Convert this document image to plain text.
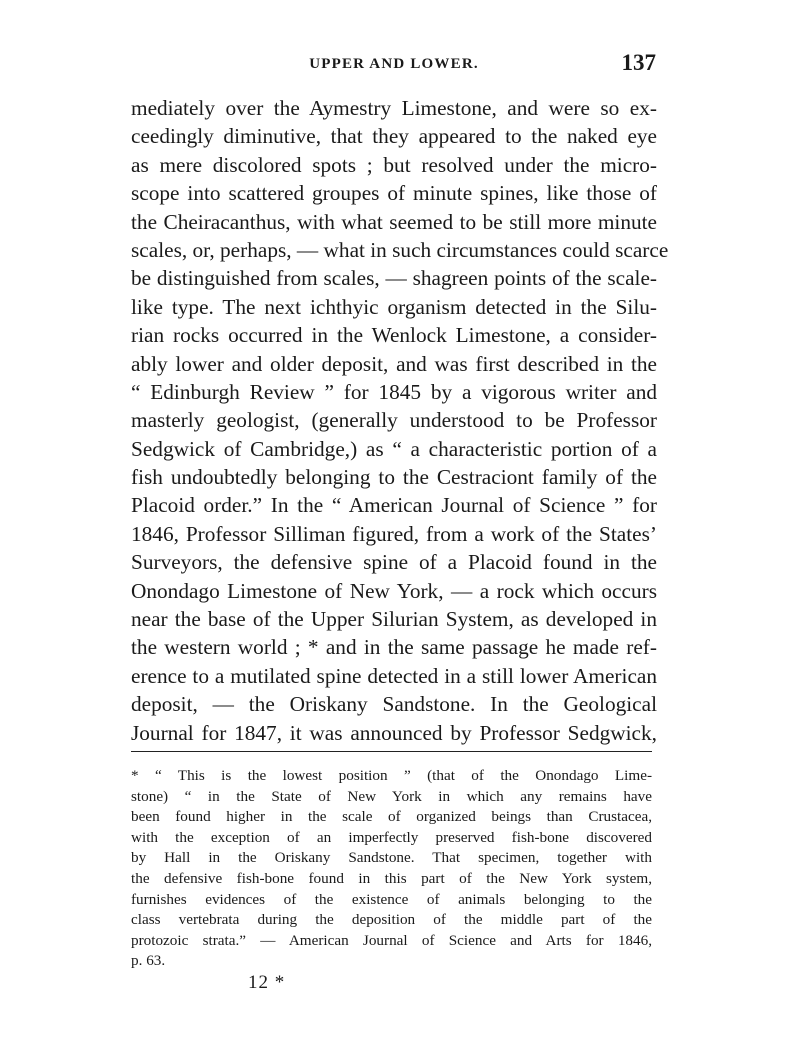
UPPER AND LOWER.	137
mediately over the Aymestry Limestone, and were so ex-
ceedingly diminutive, that they appeared to the naked eye
as mere discolored spots ; but resolved under the micro-
scope into scattered groupes of minute spines, like those of
the Cheiracanthus, with what seemed to be still more minute
scales, or, perhaps, — what in such circumstances could scarce
be distinguished from scales, — shagreen points of the scale-
like type. The next ichthyic organism detected in the Silu-
rian rocks occurred in the Wenlock Limestone, a consider-
ably lower and older deposit, and was first described in the
“ Edinburgh Review ” for 1845 by a vigorous writer and
masterly geologist, (generally understood to be Professor
Sedgwick of Cambridge,) as “ a characteristic portion of a
fish undoubtedly belonging to the Cestraciont family of the
Placoid order.” In the “ American Journal of Science ” for
1846, Professor Silliman figured, from a work of the States’
Surveyors, the defensive spine of a Placoid found in the
Onondago Limestone of New York, — a rock which occurs
near the base of the Upper Silurian System, as developed in
the western world ; * and in the same passage he made ref-
erence to a mutilated spine detected in a still lower American
deposit, — the Oriskany Sandstone. In the Geological
Journal for 1847, it was announced by Professor Sedgwick,
* “ This is the lowest position ” (that of the Onondago Lime-
stone) “ in the State of New York in which any remains have
been found higher in the scale of organized beings than Crustacea,
with the exception of an imperfectly preserved fish-bone discovered
by Hall in the Oriskany Sandstone. That specimen, together with
the defensive fish-bone found in this part of the New York system,
furnishes evidences of the existence of animals belonging to the
class vertebrata during the deposition of the middle part of the
protozoic strata.” — American Journal of Science and Arts for 1846,
p. 63.
12 *
